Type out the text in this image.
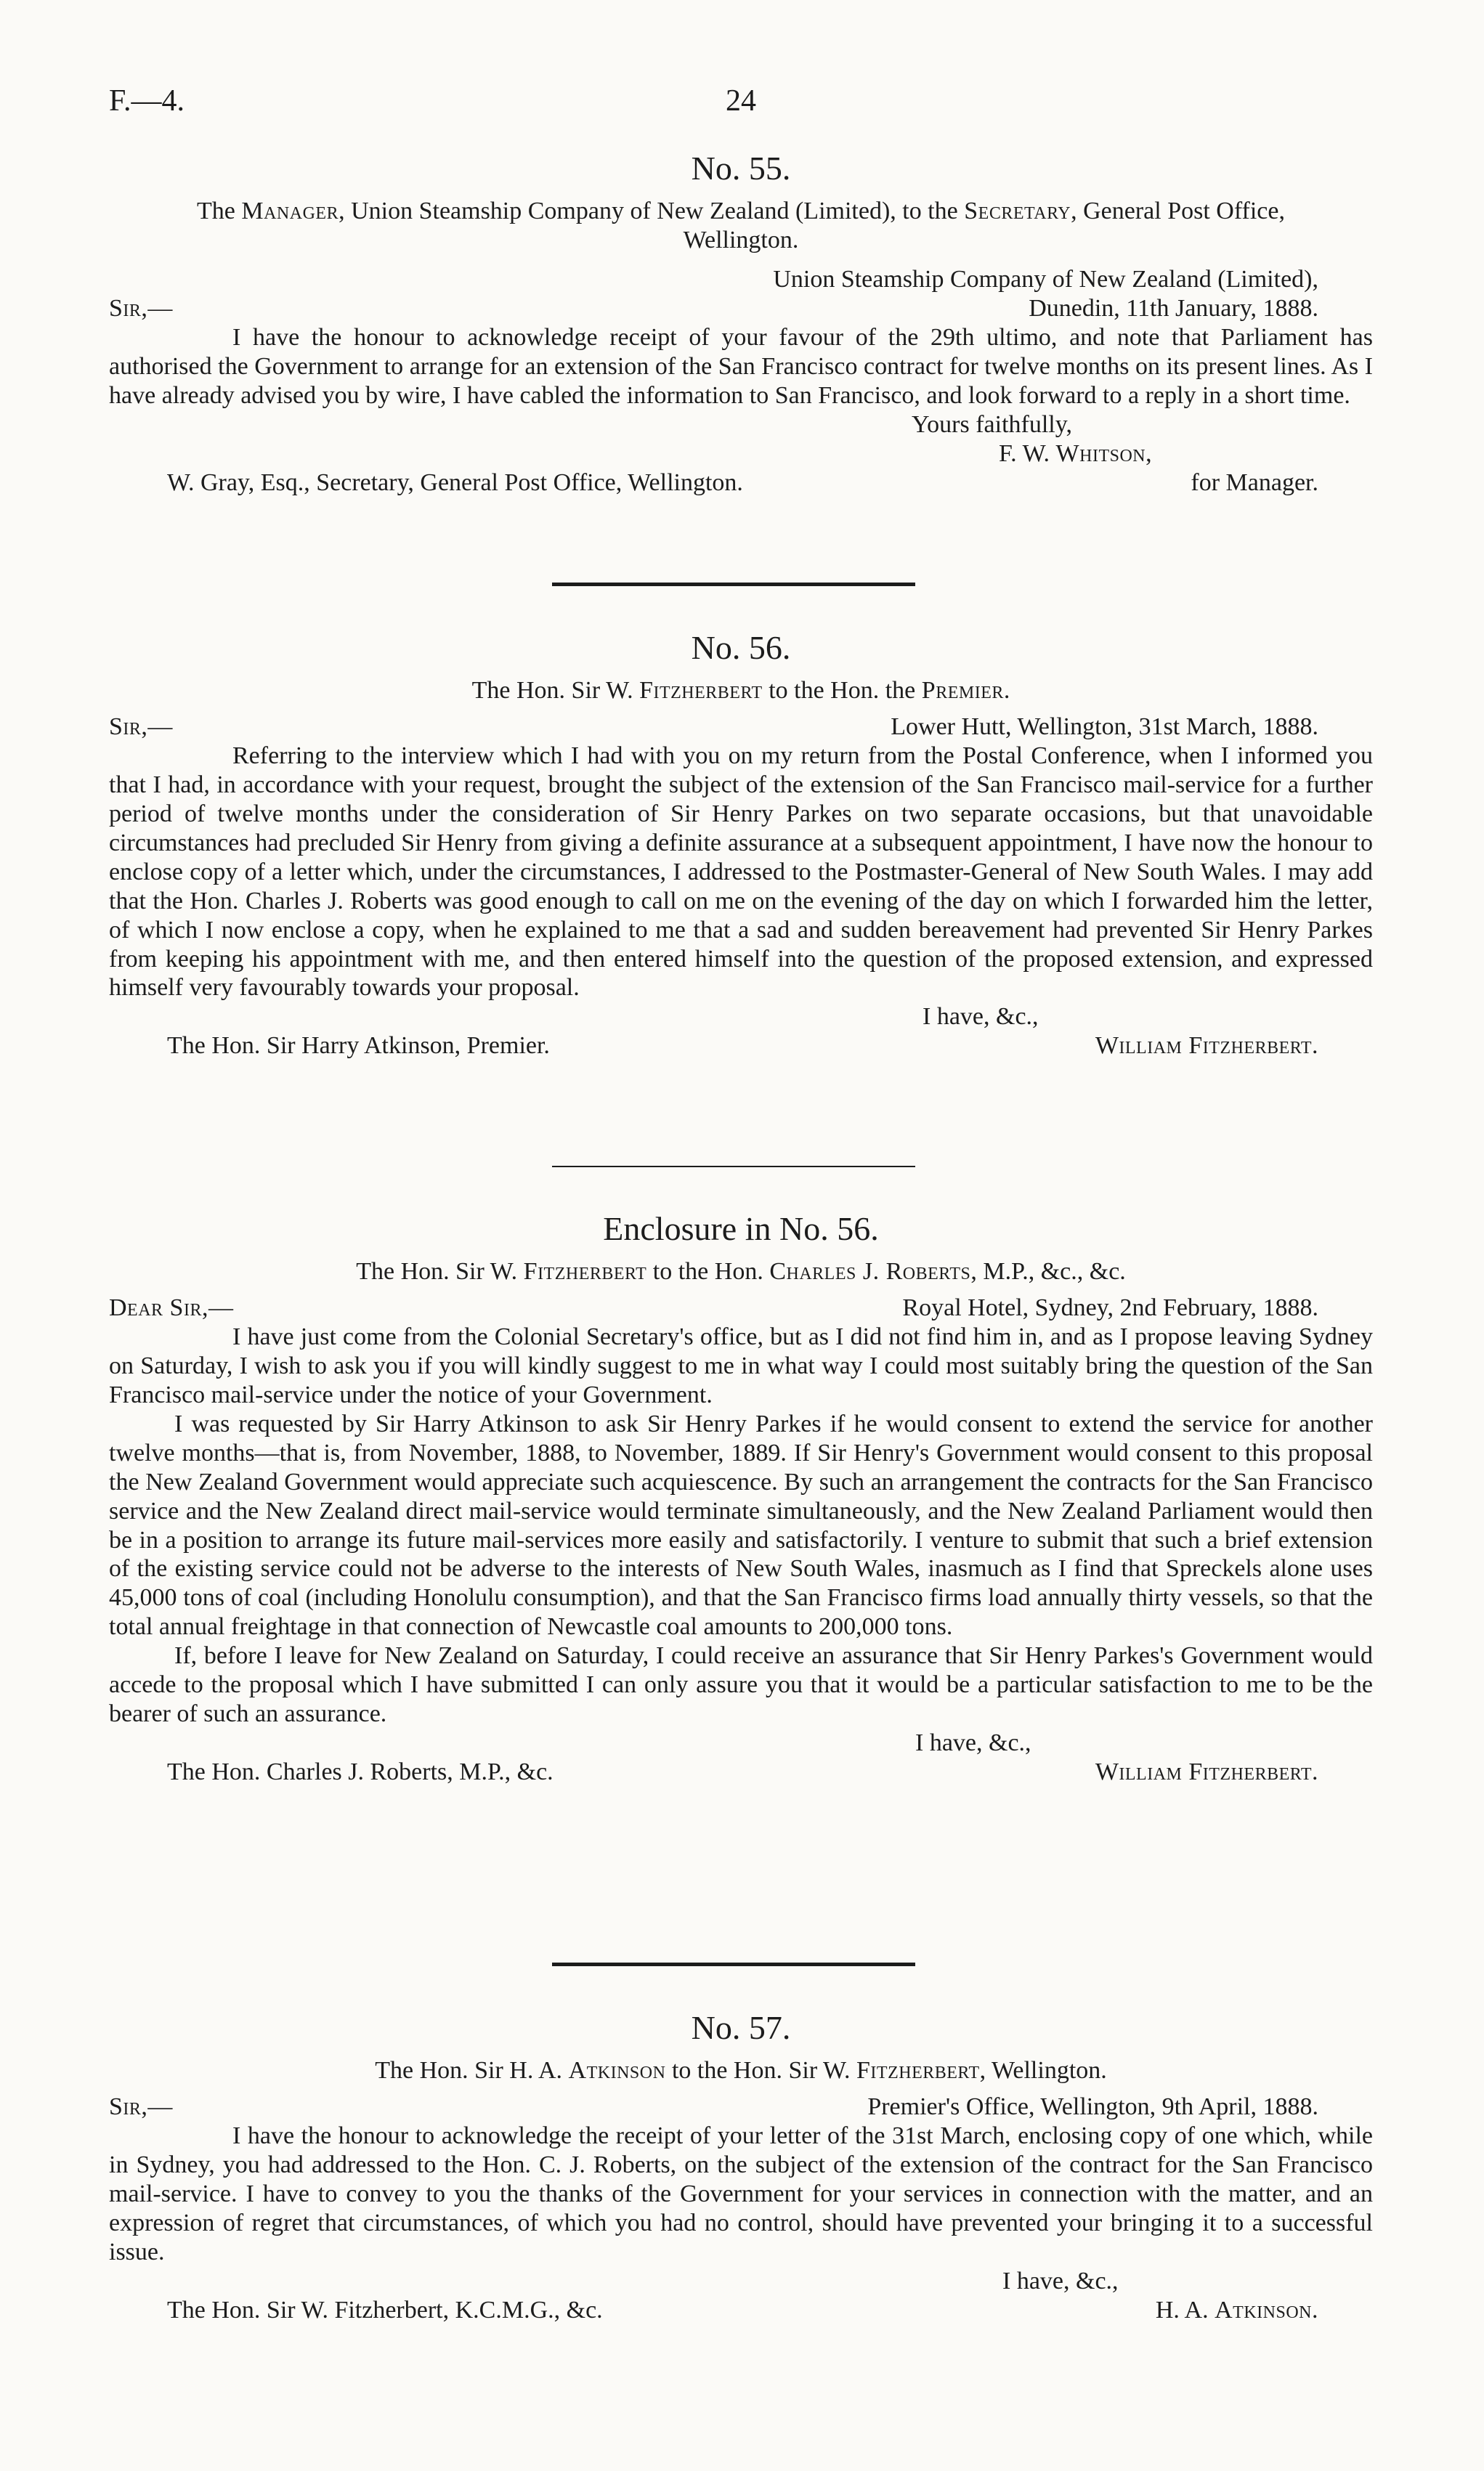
F.—4.	24
No. 55.
The Manager, Union Steamship Company of New Zealand (Limited), to the Secretary, General Post Office, Wellington.
Union Steamship Company of New Zealand (Limited),
Sir,—	Dunedin, 11th January, 1888.

I have the honour to acknowledge receipt of your favour of the 29th ultimo, and note that Parliament has authorised the Government to arrange for an extension of the San Francisco contract for twelve months on its present lines. As I have already advised you by wire, I have cabled the information to San Francisco, and look forward to a reply in a short time.

Yours faithfully,
F. W. Whitson,
W. Gray, Esq., Secretary, General Post Office, Wellington.	for Manager.
No. 56.
The Hon. Sir W. Fitzherbert to the Hon. the Premier.
Sir,—	Lower Hutt, Wellington, 31st March, 1888.

Referring to the interview which I had with you on my return from the Postal Conference, when I informed you that I had, in accordance with your request, brought the subject of the extension of the San Francisco mail-service for a further period of twelve months under the consideration of Sir Henry Parkes on two separate occasions, but that unavoidable circumstances had precluded Sir Henry from giving a definite assurance at a subsequent appointment, I have now the honour to enclose copy of a letter which, under the circumstances, I addressed to the Postmaster-General of New South Wales. I may add that the Hon. Charles J. Roberts was good enough to call on me on the evening of the day on which I forwarded him the letter, of which I now enclose a copy, when he explained to me that a sad and sudden bereavement had prevented Sir Henry Parkes from keeping his appointment with me, and then entered himself into the question of the proposed extension, and expressed himself very favourably towards your proposal.

I have, &c.,
The Hon. Sir Harry Atkinson, Premier.	William Fitzherbert.
Enclosure in No. 56.
The Hon. Sir W. Fitzherbert to the Hon. Charles J. Roberts, M.P., &c., &c.
Dear Sir,—	Royal Hotel, Sydney, 2nd February, 1888.

I have just come from the Colonial Secretary's office, but as I did not find him in, and as I propose leaving Sydney on Saturday, I wish to ask you if you will kindly suggest to me in what way I could most suitably bring the question of the San Francisco mail-service under the notice of your Government.

I was requested by Sir Harry Atkinson to ask Sir Henry Parkes if he would consent to extend the service for another twelve months—that is, from November, 1888, to November, 1889. If Sir Henry's Government would consent to this proposal the New Zealand Government would appreciate such acquiescence. By such an arrangement the contracts for the San Francisco service and the New Zealand direct mail-service would terminate simultaneously, and the New Zealand Parliament would then be in a position to arrange its future mail-services more easily and satisfactorily. I venture to submit that such a brief extension of the existing service could not be adverse to the interests of New South Wales, inasmuch as I find that Spreckels alone uses 45,000 tons of coal (including Honolulu consumption), and that the San Francisco firms load annually thirty vessels, so that the total annual freightage in that connection of Newcastle coal amounts to 200,000 tons.

If, before I leave for New Zealand on Saturday, I could receive an assurance that Sir Henry Parkes's Government would accede to the proposal which I have submitted I can only assure you that it would be a particular satisfaction to me to be the bearer of such an assurance.

I have, &c.,
The Hon. Charles J. Roberts, M.P., &c.	William Fitzherbert.
No. 57.
The Hon. Sir H. A. Atkinson to the Hon. Sir W. Fitzherbert, Wellington.
Sir,—	Premier's Office, Wellington, 9th April, 1888.

I have the honour to acknowledge the receipt of your letter of the 31st March, enclosing copy of one which, while in Sydney, you had addressed to the Hon. C. J. Roberts, on the subject of the extension of the contract for the San Francisco mail-service. I have to convey to you the thanks of the Government for your services in connection with the matter, and an expression of regret that circumstances, of which you had no control, should have prevented your bringing it to a successful issue.

I have, &c.,
The Hon. Sir W. Fitzherbert, K.C.M.G., &c.	H. A. Atkinson.
